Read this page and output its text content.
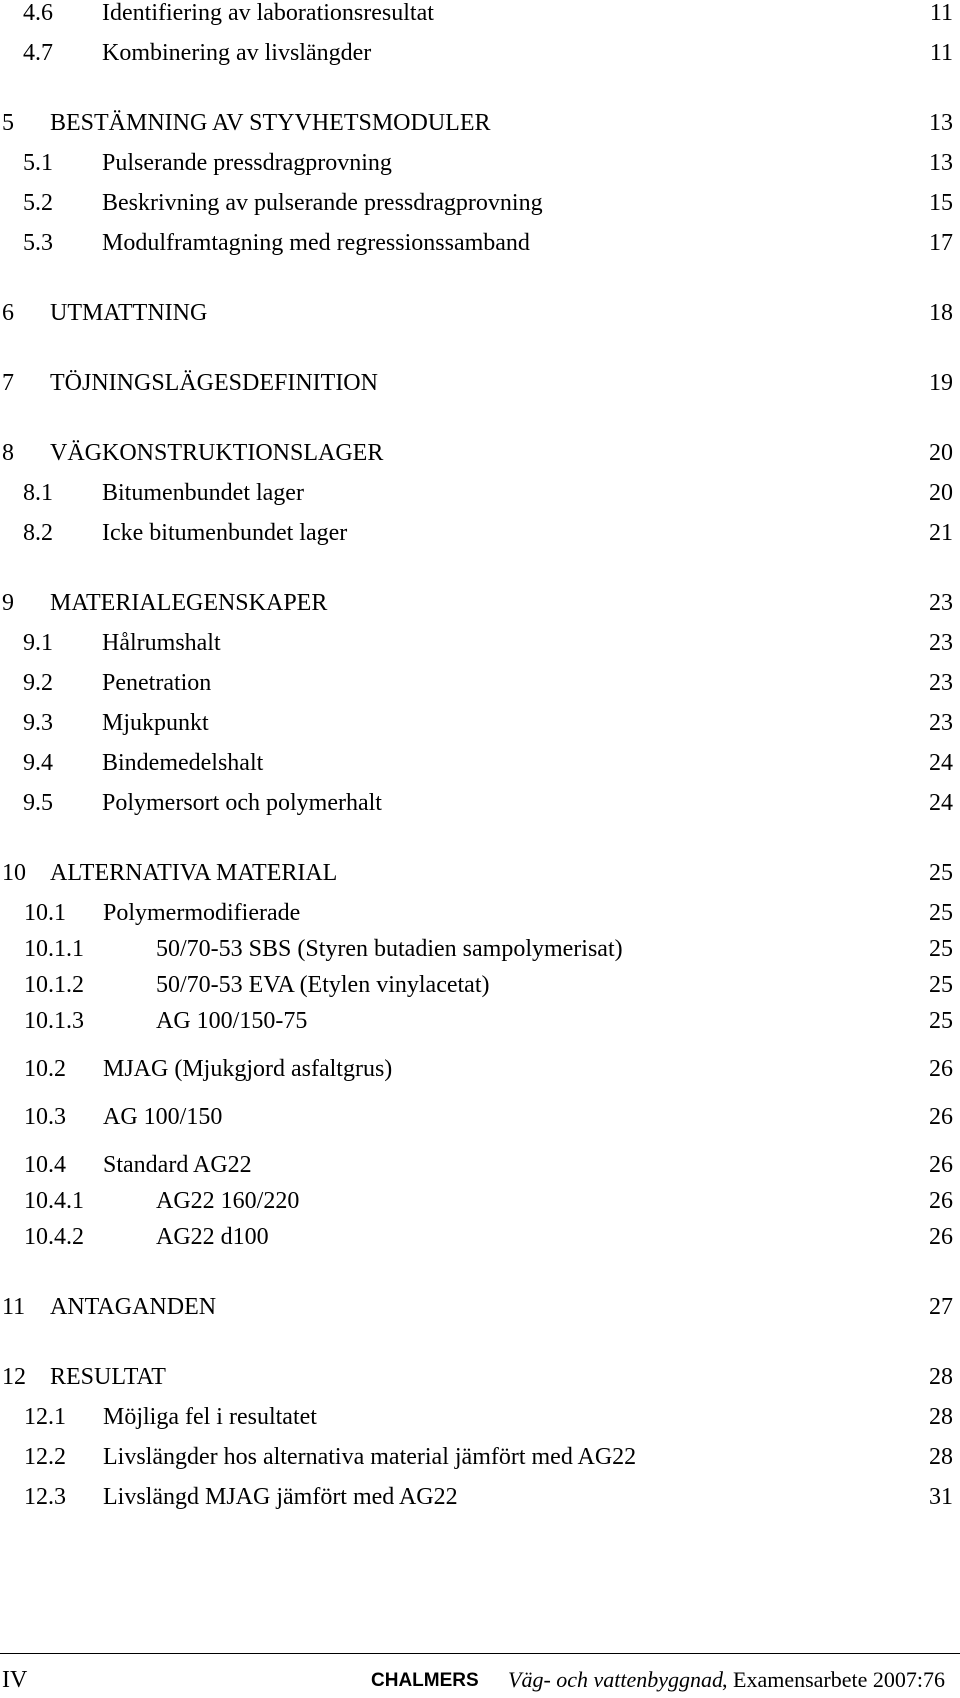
4.6 Identifiering av laborationsresultat	11
4.7 Kombinering av livslängder	11
5 BESTÄMNING AV STYVHETSMODULER	13
5.1 Pulserande pressdragprovning	13
5.2 Beskrivning av pulserande pressdragprovning	15
5.3 Modulframtagning med regressionssamband	17
6 UTMATTNING	18
7 TÖJNINGSLÄGESDEFINITION	19
8 VÄGKONSTRUKTIONSLAGER	20
8.1 Bitumenbundet lager	20
8.2 Icke bitumenbundet lager	21
9 MATERIALEGENSKAPER	23
9.1 Hålrumshalt	23
9.2 Penetration	23
9.3 Mjukpunkt	23
9.4 Bindemedelshalt	24
9.5 Polymersort och polymerhalt	24
10 ALTERNATIVA MATERIAL	25
10.1 Polymermodifierade	25
10.1.1	50/70-53 SBS (Styren butadien sampolymerisat)	25
10.1.2	50/70-53 EVA (Etylen vinylacetat)	25
10.1.3	AG 100/150-75	25
10.2 MJAG (Mjukgjord asfaltgrus)	26
10.3 AG 100/150	26
10.4 Standard AG22	26
10.4.1	AG22 160/220	26
10.4.2	AG22 d100	26
11 ANTAGANDEN	27
12 RESULTAT	28
12.1 Möjliga fel i resultatet	28
12.2 Livslängder hos alternativa material jämfört med AG22	28
12.3 Livslängd MJAG jämfört med AG22	31
IV	CHALMERS Väg- och vattenbyggnad
, Examensarbete 2007:76
